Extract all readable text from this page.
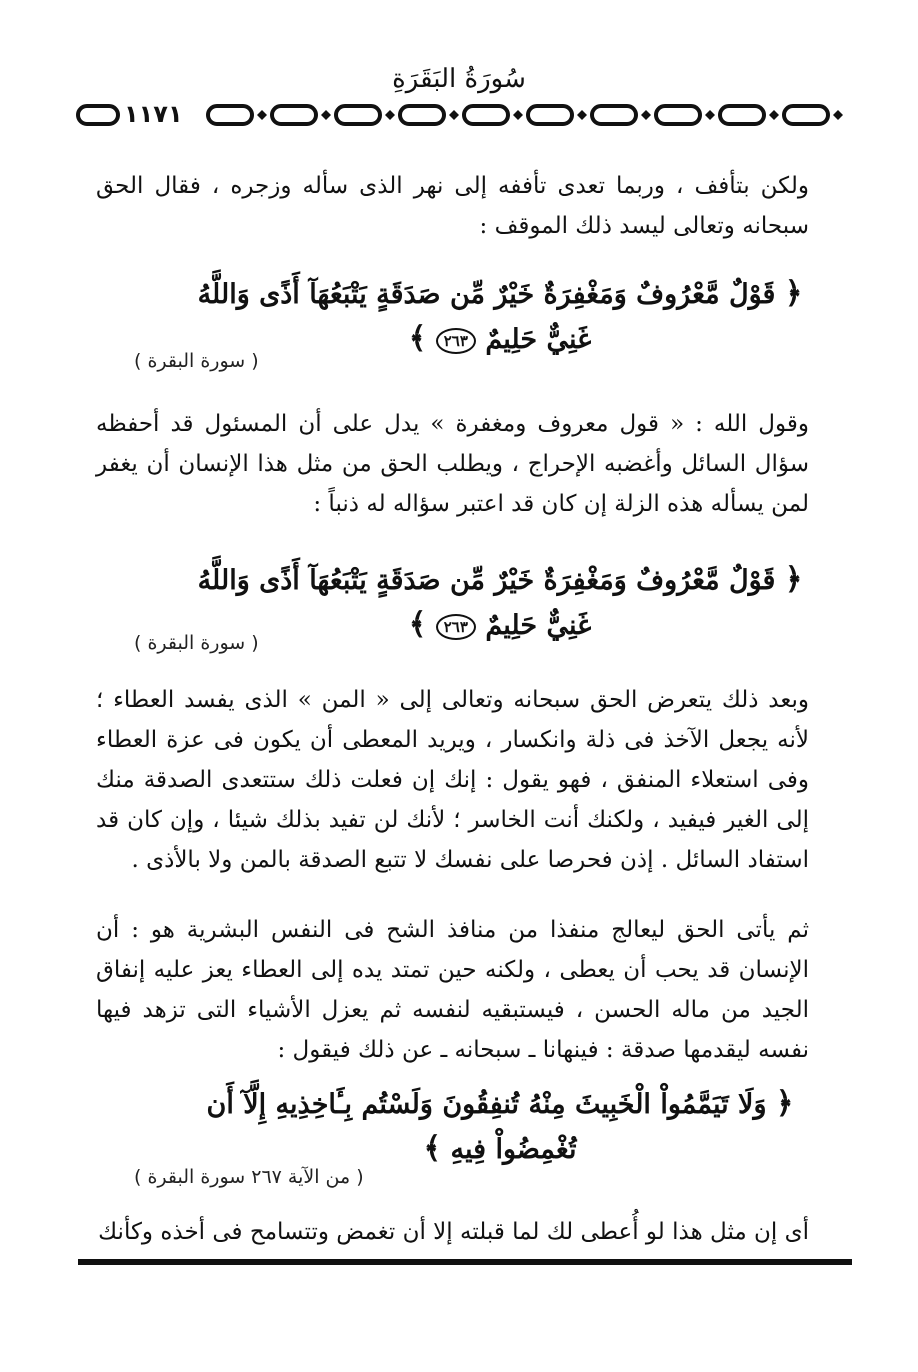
سُورَةُ البَقَرَةِ
١١٧١
ولكن بتأفف ، وربما تعدى تأففه إلى نهر الذى سأله وزجره ، فقال الحق سبحانه وتعالى ليسد ذلك الموقف :
﴿ قَوْلٌ مَّعْرُوفٌ وَمَغْفِرَةٌ خَيْرٌ مِّن صَدَقَةٍ يَتْبَعُهَآ أَذًى وَاللَّهُ غَنِيٌّ حَلِيمٌ ٢٦٣ ﴾
( سورة البقرة )
وقول الله : « قول معروف ومغفرة » يدل على أن المسئول قد أحفظه سؤال السائل وأغضبه الإحراج ، ويطلب الحق من مثل هذا الإنسان أن يغفر لمن يسأله هذه الزلة إن كان قد اعتبر سؤاله له ذنباً :
﴿ قَوْلٌ مَّعْرُوفٌ وَمَغْفِرَةٌ خَيْرٌ مِّن صَدَقَةٍ يَتْبَعُهَآ أَذًى وَاللَّهُ غَنِيٌّ حَلِيمٌ ٢٦٣ ﴾
( سورة البقرة )
وبعد ذلك يتعرض الحق سبحانه وتعالى إلى « المن » الذى يفسد العطاء ؛ لأنه يجعل الآخذ فى ذلة وانكسار ، ويريد المعطى أن يكون فى عزة العطاء وفى استعلاء المنفق ، فهو يقول : إنك إن فعلت ذلك ستتعدى الصدقة منك إلى الغير فيفيد ، ولكنك أنت الخاسر ؛ لأنك لن تفيد بذلك شيئا ، وإن كان قد استفاد السائل . إذن فحرصا على نفسك لا تتبع الصدقة بالمن ولا بالأذى .
ثم يأتى الحق ليعالج منفذا من منافذ الشح فى النفس البشرية هو : أن الإنسان قد يحب أن يعطى ، ولكنه حين تمتد يده إلى العطاء يعز عليه إنفاق الجيد من ماله الحسن ، فيستبقيه لنفسه ثم يعزل الأشياء التى تزهد فيها نفسه ليقدمها صدقة : فينهانا ـ سبحانه ـ عن ذلك فيقول :
﴿ وَلَا تَيَمَّمُواْ الْخَبِيثَ مِنْهُ تُنفِقُونَ وَلَسْتُم بِـَٔاخِذِيهِ إِلَّآ أَن تُغْمِضُواْ فِيهِ ﴾
( من الآية ٢٦٧ سورة البقرة )
أى إن مثل هذا لو أُعطى لك لما قبلته إلا أن تغمض وتتسامح فى أخذه وكأنك
